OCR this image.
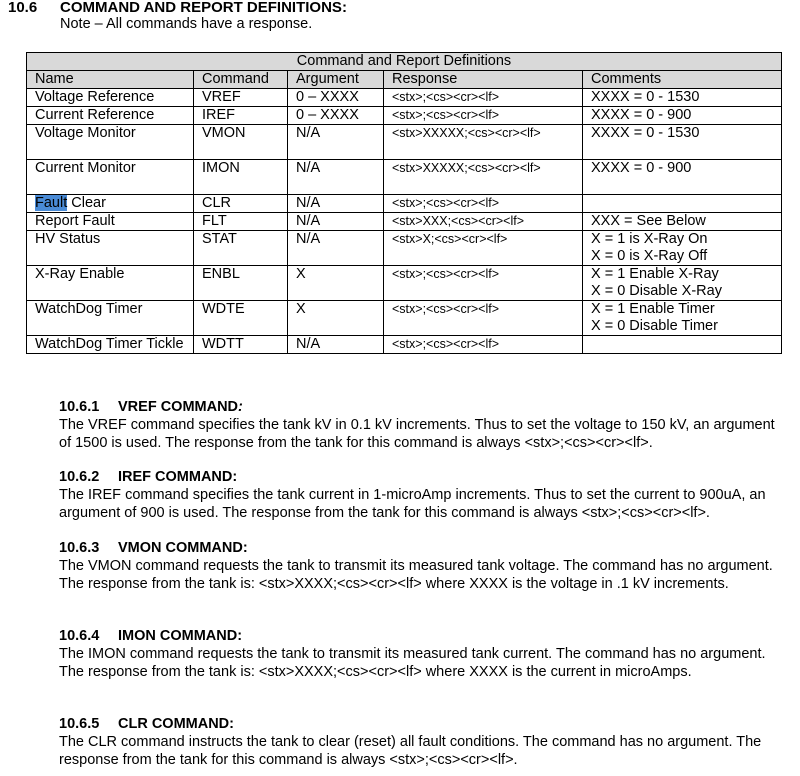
10.6 COMMAND AND REPORT DEFINITIONS:
Note – All commands have a response.
Command and Report Definitions				
Name	Command	Argument	Response	Comments
Voltage Reference	VREF	0 – XXXX	<stx>;<cs><cr><lf>	XXXX = 0 - 1530

Current Reference	IREF	0 – XXXX	<stx>;<cs><cr><lf>	XXXX = 0 - 900

Voltage Monitor	VMON	N/A	<stx>XXXXX;<cs><cr><lf>	XXXX = 0 - 1530

Current Monitor	IMON	N/A	<stx>XXXXX;<cs><cr><lf>	XXXX = 0 - 900

Fault Clear	CLR	N/A	<stx>;<cs><cr><lf>	

Report Fault	FLT	N/A	<stx>XXX;<cs><cr><lf>	XXX = See Below

HV Status	STAT	N/A	<stx>X;<cs><cr><lf>	X = 1 is X-Ray On
X = 0 is X-Ray Off

X-Ray Enable	ENBL	X	<stx>;<cs><cr><lf>	X = 1 Enable X-Ray
X = 0 Disable X-Ray

WatchDog Timer	WDTE	X	<stx>;<cs><cr><lf>	X = 1 Enable Timer
X = 0 Disable Timer

WatchDog Timer Tickle	WDTT	N/A	<stx>;<cs><cr><lf>	
10.6.1 VREF COMMAND:

The VREF command specifies the tank kV in 0.1 kV increments. Thus to set the voltage to 150 kV, an argument of 1500 is used. The response from the tank for this command is always <stx>;<cs><cr><lf>.

10.6.2 IREF COMMAND:

The IREF command specifies the tank current in 1-microAmp increments. Thus to set the current to 900uA, an argument of 900 is used. The response from the tank for this command is always <stx>;<cs><cr><lf>.

10.6.3 VMON COMMAND:

The VMON command requests the tank to transmit its measured tank voltage. The command has no argument. The response from the tank is: <stx>XXXX;<cs><cr><lf> where XXXX is the voltage in .1 kV increments.

10.6.4 IMON COMMAND:

The IMON command requests the tank to transmit its measured tank current. The command has no argument. The response from the tank is: <stx>XXXX;<cs><cr><lf> where XXXX is the current in microAmps.

10.6.5 CLR COMMAND:

The CLR command instructs the tank to clear (reset) all fault conditions. The command has no argument. The response from the tank for this command is always <stx>;<cs><cr><lf>.
